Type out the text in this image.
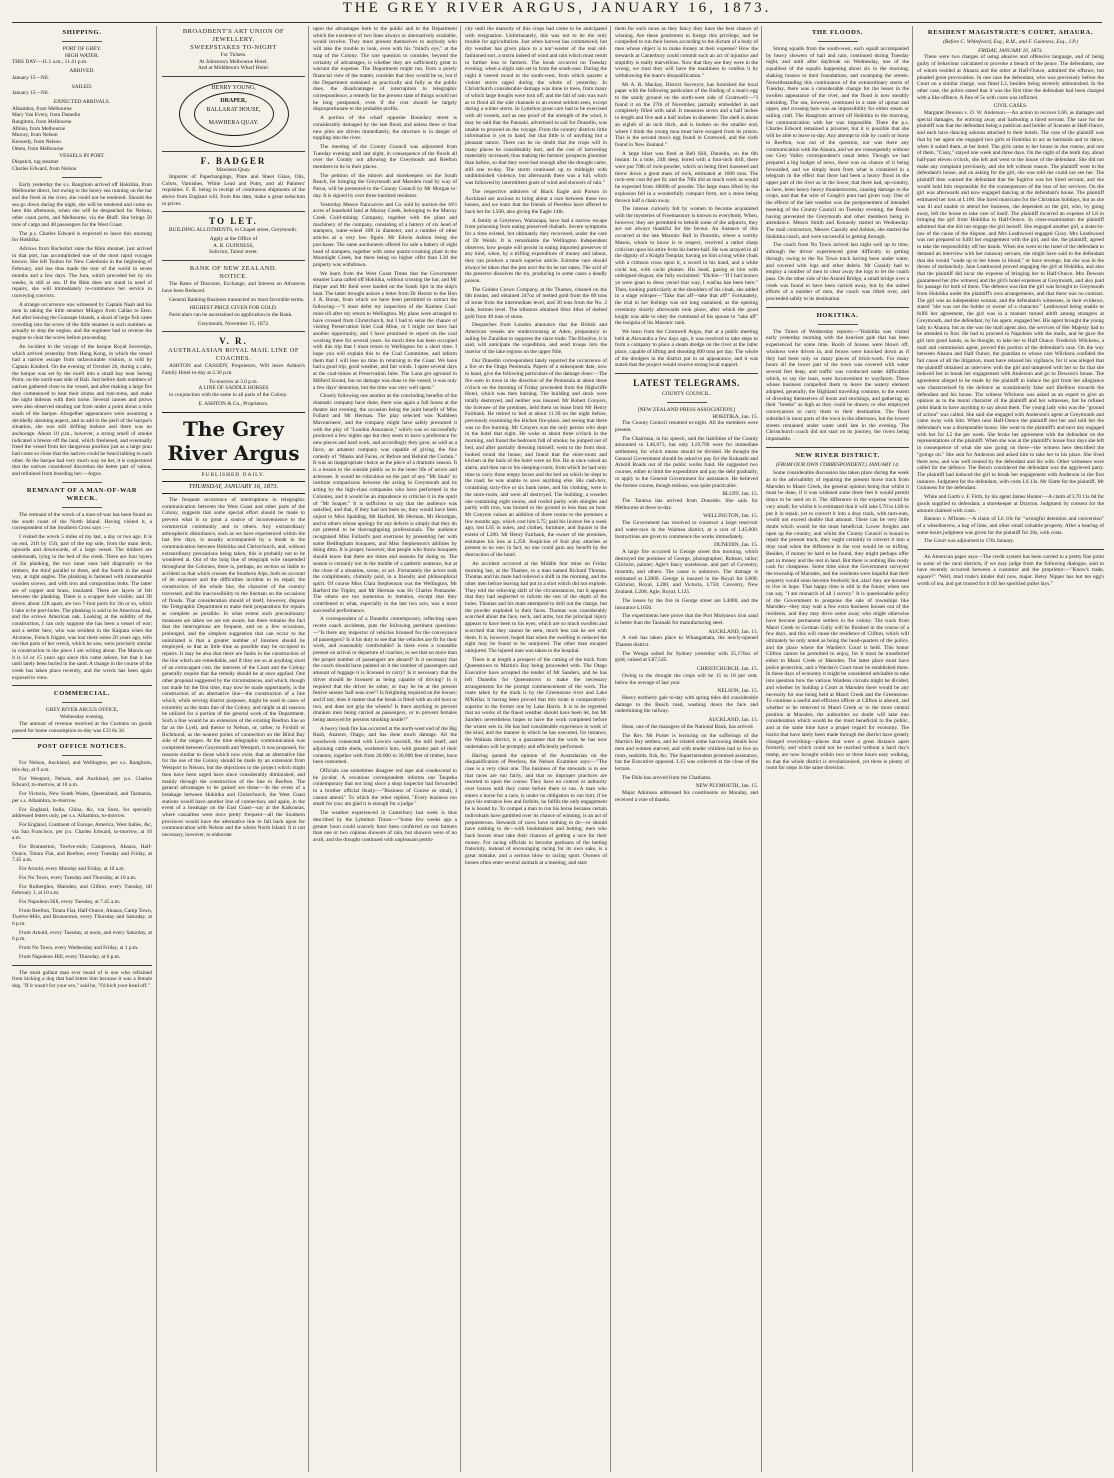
THE GREY RIVER ARGUS, JANUARY 16, 1873.
SHIPPING.
PORT OF GREY.
HIGH WATER.

THIS DAY—11.1 a.m.; 11.41 p.m.

ARRIVED.

January 15—Nil.

SAILED.

January 15—Nil.

EXPECTED ARRIVALS.
Alhambra, from Melbourne
Mary Van Every, from Dunedin
Rangitoto, from Melbourne
Albion, from Melbourne
Murray, from Nelson
Kennedy, from Nelson
Omeo, from Melbourne
VESSELS IN PORT.
Dispatch, tug steamer
Charles Edward, from Nelson

Early yesterday the s.s. Rangitoto arrived off Hokitika, from Melbourne direct, but owing to the heavy sea running on the bar and the fresh in the river, she could not be tendered. Should the sea go down during the night, she will be tendered and come on here this afternoon, when she will be despatched for Nelson, other coast ports, and Melbourne, via the Bluff. She brings 50 tons of cargo and 40 passengers for the West Coast.

The p.s. Charles Edward is expected to leave this morning for Hokitika.

Advices from Rochefort state the Rhin steamer, just arrived in that port, has accomplished one of the most rapid voyages known. She left Toulon for New Caledonia in the beginning of February, and has thus made the tour of the world in seven months and a few days. The Jura, which preceded her by six weeks, is still at sea. If the Rhin does not stand in need of repairs, she will immediately re-commence her service in conveying convicts.

A strange occurrence was witnessed by Captain Nash and his men in taking the little steamer Milagro from Callao to Eten. Just after leaving the Gunnape Islands, a shoal of large fish came crowding into the screw of the little steamer in such numbers as actually to stop the engine, and the engineer had to reverse the engine to clear the screw before proceeding.

An incident in the voyage of the barque Royal Sovereign, which arrived yesterday from Hong Kong, in which the vessel had a narrow escape from unfavourable visitors, is told by Captain Kindred. On the evening of October 26, during a calm, the barque was set by the swell into a small bay near Sereng Point, on the north-east side of Bali. Just before dark numbers of natives gathered close to the vessel, and after making a large fire they commenced to beat their drums and tom-toms, and make the night hideous with their noise. Several canoes and prows were also observed stealing out from under a point about a mile south of the barque. Altogether appearances were assuming a decidedly alarming aspect, and to add to the peril of the barque's situation, she was still drifting inshore and there was no anchorage. About 10 p.m., however, a strong smell of smoke indicated a breeze off the land, which freshened, and eventually freed the vessel from her dangerous position just as a large prau had come so close that the natives could be heard talking to each other. At the barque had very much way on her, it is conjectured that the natives considered discretion the better part of valour, and refrained from boarding her.—Argus.

REMNANT OF A MAN-OF-WAR WRECK.

The remnant of the wreck of a man-of-war has been found on the south coast of the North Island. Having visited it, a correspondent of the Southern Cross says :—

I visited the wreck 5 miles of my last, a day or two ago. It is on end, 21ft by 15ft, part of the top side, from the main deck, upwards and downwards, of a large vessel. The timbers are underneath, lying in the bed of the creek. There are four layers of 3in planking, the two inner ones laid diagonally to the timbers, the third parallel to them, and the fourth in the usual way, at right angles. The planking is fastened with innumerable wooden screws, and with iron and composition bolts. The latter are of copper and brass, insulated. There are layers of felt between the planking. There is a scupper hole visible; and 3ft above, about 12ft apart, are two 7-foot ports for 3in or so, which I take to be port-holes. The planking is said to be American deal, and the screws American oak. Looking at the solidity of the construction, I can only suppose she has been a vessel of war; and a settler here, who was resident in the Kaipara when the Alcmene, French frigate, was lost there some 20 years ago, tells me that parts of her wreck, which he saw, were precisely similar in construction to the piece I am writing about. The Maoris say it is 14 or 15 years ago since this came ashore, but that it has until lately been buried in the sand. A change in the course of the creek has taken place recently, and the wreck has been again exposed to view.

COMMERCIAL.
GREY RIVER ARGUS OFFICE,
Wednesday evening.

The amount of revenue received at the Customs on goods passed for home consumption to-day was £33 8s 3d.

POST OFFICE NOTICES.

For Nelson, Auckland, and Wellington, per s.s. Rangitoto, this day, at 9 a.m.

For Westport, Nelson, and Auckland, per p.s. Charles Edward, to-morrow, at 10 a.m.

For Victoria, New South Wales, Queensland, and Tasmania, per s.s. Alhambra, to-morrow.

For England, India, China, &c, via Suez, for specially addressed letters only, per s.s. Alhambra, to-morrow.

For England, Continent of Europe, America, West Indies, &c, via San Francisco, per p.s. Charles Edward, to-morrow, at 10 a.m.

For Brunnerton, Twelve-mile, Camptown, Ahaura, Half-Ounce, Totara Flat, and Reefton, every Tuesday and Friday, at 7.45 a.m.

For Arnold, every Monday and Friday, at 10 a.m.

For No Town, every Tuesday and Thursday, at 10 a.m.

For Rutherglen, Marsden, and Clifton, every Tuesday, till February 1, at 10 a.m.

For Napoleon Hill, every Tuesday, at 7.45 a.m.

From Reefton, Totara Flat, Half-Ounce, Ahaura, Camp Town, Twelve-Mile, and Brunnerton, every Thursday and Saturday, at 6 p.m.

From Arnold, every Tuesday, at noon, and every Saturday, at 6 p.m.

From No Town, every Wednesday and Friday, at 1 p.m.

From Napoleon Hill, every Thursday, at 6 p.m.

The most gallant man ever heard of is one who refrained from kicking a dog that had bitten him because it was a female dog. "If it wasn't for your sex," said he, "I'd kick your head off."

BROADBENT'S ART UNION OF JEWELLERY.
SWEEPSTAKES TO-NIGHT
For Tickets.
At Johnston's Melbourne Hotel.
And at Middleton's Wharf Hotel.
HENRY YOUNG,
DRAPER,
BALLARAT HOUSE,
MAWHERA QUAY.
F. BADGER
Mawhera Quay.

Importer of Paperhangings, Plate and Sheet Glass, Oils, Colors, Varnishes, White Lead and Putty, and all Painters' requisites. F. B. being in receipt of continuous shipments of the above from England will, from this date, make a great reduction in prices.

TO LET.

BUILDING ALLOTMENTS, in Chapel street, Greymouth.

Apply at the Office of
A. R. GUINNESS,
Solicitor, Tainui street.
BANK OF NEW ZEALAND.
NOTICE.

The Rates of Discount, Exchange, and Interest on Advances have been Reduced.

General Banking Business transacted on most favorable terms.

HIGHEST PRICE GIVEN FOR GOLD.

Particulars can be ascertained on application to the Bank.

Greymouth, November 15, 1872.
V. R.
AUSTRALASIAN ROYAL MAIL LINE OF COACHES.

ASHTON and CASSIDY, Proprietors, Will leave Ashton's Family Hotel to-day at 2.30 p.m.

To-morrow at 3.0 p.m.
A LINE OF SADDLE HORSES

in conjunction with the same to all parts of the Colony.

E. ASHTON & Co., Proprietors.
The Grey River Argus
PUBLISHED DAILY.
THURSDAY, JANUARY 16, 1873.

The frequent recurrence of interruptions in telegraphic communication between the West Coast and other parts of the Colony, suggests that some special effort should be made to prevent what is so great a source of inconvenience to the commercial community and to others. Any extraordinary atmospheric disturbance, such as we have experienced within the last few days, is usually accompanied by a break in the communication between Hokitika and Christchurch, and, without extraordinary precautions being taken, this is probably not to be wondered at. Out of the long line of telegraph wire suspended throughout the Colonies, there is, perhaps, no section so liable to accident as that which crosses the Southern Alps, both on account of its exposure and the difficulties incident to its repair, the construction of the whole line, the character of the country traversed, and the inaccessibility to the lineman on the occasions of floods. That consideration should of itself, however, dispose the Telegraphic Department to make their preparations for repairs as complete as possible. In what extent such precautionary measures are taken we are not aware, but there remains the fact that the interruptions are frequent, and on a few occasions, prolonged, and the simplest suggestion that can occur to the uninitiated is that a greater number of linemen should be employed, so that as little time as possible may be occupied in repairs. It may be also that there are faults in the construction of the line which are remediable, and if they are so at anything short of an extravagant cost, the interests of the Coast and the Colony generally require that the remedy should be at once applied. One other proposal suggested by the circumstances, and which, though not made for the first time, may now be made opportunely, is the construction of an alternative line—the construction of a line which, while serving district purposes, might be used in cases of extremity as the main line of the Colony, and might at all seasons be utilized for a portion of the general work of the Department. Such a line would be an extension of the existing Reefton line so far as the Lyell, and thence to Nelson, or, rather, to Foxhill or Richmond, as the nearest points of connection on the Blind Bay side of the ranges. At the time telegraphic communication was completed between Greymouth and Westport, it was proposed, for reasons similar to those which now exist, that an alternative line for the use of the Colony should be made by an extension from Westport to Nelson, but the objections to the project which might then have been urged have since considerably diminished, and mainly through the construction of the line to Reefton. The general advantages to be gained are these:—In the event of a breakage between Hokitika and Christchurch, the West Coast stations would have another line of connection; and again, in the event of a breakage on the East Coast—say at the Kaikouras, where casualties were once pretty frequent—all the Southern provinces would have the alternative line to fall back upon for communication with Nelson and the whole North Island. It is not necessary, however, to elaborate

upon the advantages both to the public and to the Department which the existence of two lines always or alternatively available, would involve. They must present themselves to anybody who will take the trouble to look, even with his "mind's eye," at the map of the Colony. The rare question to consider, beyond the certainty of advantages, is whether they are sufficiently great to warrant the expense. The Department might not, from a purely financial view of the matter, consider that they would be so, but if the Department sustained as practically and fully as the public does, the disadvantages of interruption to telegraphic correspondence, a remedy for the present state of things would not be long postponed, even if the cost should be largely disproportionate to the probable profits.

A portion of the wharf opposite Boundary street is considerably damaged by the late flood, and unless three or four new piles are driven immediately, the structure is in danger of toppling into the river.

The meeting of the County Council was adjourned from Tuesday evening until last night, in consequence of the floods all over the County not allowing the Greymouth and Reefton members to be in their places.

The petition of the miners and storekeepers on the South Beach, for bringing the Greymouth and Marsden road by way of Paroa, will be presented to the County Council by Mr Morgan to-day. It is signed by over three hundred residents.

Yesterday Messrs Nancarrow and Co. sold by auction the 16½ acres of leasehold land at Murray Creek, belonging to the Murray Creek Gold-mining Company, together with the plant and machinery of the company, consisting of a battery of six head of stampers, water-wheel 30ft in diameter, and a number of other articles at a very low figure. Mr Edwin Ashton being the purchaser. The same auctioneers offered for sale a battery of eight head of stampers, together with some quartz-crushing plant in the Moonlight Creek, but there being no higher offer than L30 the property was withdrawn.

We learn from the West Coast Times that the Government steamer Luna called off Hokitika, without crossing the bar, and Mr Harper and Mr Reid were landed on the South Spit in the ship's boat. The latter brought ashore a letter from Dr Hector to the Hon J. A. Bonar, from which we have been permitted to extract the following:—"I must defer my inspection of the Kaniere Coal-mine till after my return to Wellington. My plans were arranged to have crossed from Christchurch, but I had to seize the chance of visiting Preservation Inlet Coal Mine, or I might not have had another opportunity, and I have promised to report on the coal working there for several years. So much time has been occupied with this trip that I must return to Wellington for a short time. I hope you will explain this to the Coal Committee, and inform them that I will lose no time in returning to the Coast. We have had a good trip, good weather, and fair winds. I spent several days at the coal-mines at Preservation Inlet. The Luna got aground in Milford Sound, but no damage was done to the vessel; it was only a few days' detention, but the time was very well spent."

Closely following one another as the concluding benefits of the dramatic company have done, there was again a full house at the theatre last evening, the occasion being the joint benefit of Miss Fullard and Mr Herman. The play selected was 'Kathleen Mavourneen', and the company might have safely presumed it with the play of "London Assurance," which was so successfully produced a few nights ago but they seem to have a preference for new pieces and hard work, and accordingly they gave, as well as a farce, an amateur company was capable of giving, the fine comedy of "Masks and Faces, or Before and Behind the Curtain." It was an inappropriate choice as the piece of a dramatic season. It is a lesson to the outside public as to the inner life of actors and actresses. It would be ridiculous on the part of any "Mr Snail" to institute comparisons between the acting in Greymouth and its acting by the high-class companies who have performed in the Colonies, and it would be an impudence to criticise it in the spirit of "Mr Soaper." It is sufficient to say that the audience was satisfied, and that, if they had not been so, they would have been unjust to Miss Spalding, Mr Barford, Mr Herman, Mr Hourigan, and to others whose apology for any defects is simply that they do not pretend to be thoroughgoing professionals. The audience recognised Miss Fullard's past exertions by presenting her with some Bedlingham bouquets, and Miss Stephenson's abilities by doing ditto. It is proper, however, that people who throw bouquets should know that there are times and seasons for doing so. The season is certainly not in the middle of a pathetic sentence, but at the close of a situation, scene, or act. Fortunately the actors took the compliments, clumsily paid, in a friendly and philosophical spirit. Of course Miss Clara Stephenson was the Wellington, Mr Barford the Triplet, and Mr Herman was Sir Charles Pomander. The others are too numerous to mention, except that they contributed to what, especially in the last two acts, was a most successful performance.

A correspondent of a Dunedin contemporary, reflecting upon recent coach accidents, puts the following pertinent questions:—"Is there any inspector of vehicles licensed for the conveyance of passengers? Is it his duty to see that the vehicles are fit for their work, and reasonably comfortable? Is there even a constable present on arrival or departure of coaches, to see that no more than the proper number of passengers are aboard? Is it necessary that the coach should have painted on it the number of passengers and amount of luggage it is licensed to carry? Is it necessary that the driver should be licensed as being capable of driving? Is it required that the driver be sober, or may he be at the present festive season 'half seas over'? Is freighting required on the horses; and if not, does it matter that the break is fitted with an old boot or two, and does not grip the wheels? Is there anything to prevent drunken men being carried as passengers, or to prevent females being annoyed by persons smoking inside?"

A heavy bush fire has occurred at the north-west end of the Big Rush, Akatore, Otago, and has done much damage. All the woodwork connected with Lewis's sawmill, the mill itself, and adjoining cattle sheds, workmen's huts, with greater part of their contents, together with from 20,000 to 30,000 feet of timber, have been consumed.

Officials can sometimes disagree red tape and condescend to be jocular. A vexatious correspondent informs our Taupeka contemporary that not long since a shop inspector had forwarded to a brother official thusly:—"Business of Course so small, I cannot attend." To which the other replied, "Every business too small for you; am glad it is enough for a judge."

The weather experienced in Canterbury last week is thus described by the Lyttelton Times:—"Some few weeks ago a greater boon could scarcely have been conferred on our farmers than one or two copious showers of rain, but showers were of no avail, and the drought continued with unpleasant pertin-

city until the maturity of this crops had come to be anticipated with resignation. Unfortunately, this was not to be the only trouble for agriculturists. Just when harvest has commenced, hot dry weather has given place to a nor'-wester of the real old-fashioned sort, a storm indeed of wind and rain which must result in further loss to farmers. The break occurred on Tuesday evening, when a slight rain set in from the south-east. During the night it veered round to the south-west, from which quarter a violent storm raged during the whole of yesterday. In Christchurch considerable damage was done to trees, from many of which large boughs were torn off, and the fall of rain was such as to flood all the side channels to an extent seldom seen, except during a winter storm. In Lyttelton great care had to be exercised with all vessels, and as one proof of the strength of the wind, it may be said that the Panoaki, advertised to sail for Dunedin, was unable to proceed on the voyage. From the country districts little information is yet to hand, but that little is of anything but a pleasant nature. There can be no doubt that the crops will in many places be considerably hurt, and the cost of harvesting materially increased, thus making the farmers' prospects gloomier than before, so that they were bad enough after the drought came, still one to-day. The storm continued up to midnight with undiminished violence, but afterwards there was a lull, which was followed by intermittent gusts of wind and showers of rain."

The respective admirers of Black Eagle and Parson in Auckland are anxious to bring about a race between these two horses, and we learn that the friends of Peerless have offered to back her for L500, also giving the Eagle 14lb.

A family at Greytown, Wairarapa, have had a narrow escape from poisoning from eating preserved rhubarb. Severe symptoms for a time existed, but ultimately they recovered, under the care of Dr Welsh. It is remarkable the Wellington Independent observes, how people will persist in eating imported preserves of any kind, when, by a trifling expenditure of money and labour, they can produce a much superior article. Extreme care should always be taken that the pan next the tin be not eaten. The acid of the preserve dissolves the tin, producing in some cases a deadly poison.

The Golden Crown Company, at the Thames, cleaned on the 6th instant, and obtained 247oz of melted gold from the 60 tons of stone from the intermediate level, and 30 tons from the No. 2 lode, bottom level. The tributors obtained 60oz 4dwt of melted gold from 40 tons of stone.

Despatches from London announce that the British and American vessels are rendezvousing at Aden, preparatory to sailing for Zanzibar to suppress the slave trade. The Khedive, it is said, will anticipate the expedition, and send troops into the interior of the lake regions on the upper Nile.

Our Dunedin correspondent lately reported the occurrence of a fire on the Otago Peninsula. Papers of a subsequent date, now to hand, give the following particulars of the damage done:—The fire seen in town in the direction of the Peninsula at about three o'clock on the morning of Friday proceeded from the Highcliffe Hotel, which was then burning. The building and stock were totally destroyed, and neither was insured. Mr Robert Conyers, the licensee of the premises, held them on lease from Mr Henry Fairbank. He retired to bed at about 11.30 on the night before, previously examining the kitchen fire-place, and seeing that there was no fire burning. Mr Conyers was the only person who slept in the hotel that night. He woke at about three o'clock in the morning, and found the bedroom full of smoke; he jumped out of bed, and after partially dressing himself, went to the front door, looked round the house, and found that the store-room and kitchen at the back of the hotel were on fire. He at once raised an alarm, and then ran to his sleeping-room, from which he had only time to carry three empty boxes and the bed on which he slept to the road; he was unable to save anything else. His cash-box, containing sixty-five or six bank notes, and his clothing, were in the store-room, and were all destroyed. The building, a wooden one containing eight rooms, and roofed partly with shingles and partly with iron, was burned to the ground in less than an hour. Mr Conyers values an addition of three rooms to the premises a few months ago, which cost him L75; paid his licence fee a week ago; lost L65 in notes, and clothes, furniture, and liquors to the extent of L200. Mr Henry Fairbank, the owner of the premises, estimates his loss at L250. Suspicion of foul play attaches at present to no one; in fact, no one could gain any benefit by the destruction of the hotel.

An accident occurred at the Middle Star mine on Friday morning last, at the Thames, to a man named Richard Thomas. Thomas and his mate had relieved a shift in the morning, and the other men before leaving had put in a shot which did not explode. They told the relieving shift of the circumstances, but it appears that they had neglected to inform the rest of the depth of the holes. Thomas and his mate attempted to drill out the charge, but the powder exploded in their faces. Thomas was considerably scorched about the face, neck, and arms, but the principal injury appears to have been to his eyes, which are so much swollen and scorched that they cannot be seen, much less can he see with them. It is, however, hoped that when the swelling is reduced the sight may be found to be uninjured. The other man escaped uninjured. The injured man was taken to the hospital.

There is at length a prospect of the cutting of the track from Queenstown to Martin's Bay being proceeded with. The Otago Executive have accepted the tender of Mr Sanders, and he has left Dunedin for Queenstown to make the necessary arrangements for the prompt commencement of the work. The route taken by the track is by the Greenstone river and Lake M'Kellar, it having been proved that this route is comparatively superior to the former one by Lake Harris. It is to be regretted that no works of the finest weather should have been let, but Mr Sanders nevertheless hopes to have the work completed before the winter sets in. He has had considerable experience in work of the kind, and the manner in which he has executed, for instance, the Waikaia district, is a guarantee that the work he has now undertaken will be promptly and efficiently performed.

Having quoted the opinion of the Australasian on the disqualification of Peerless, the Nelson Examiner says:—"The case is a very clear one. The business of the stewards is to see that races are run fairly, and that no improper practices are resorted to upon the course. They have no control or authority over horses until they come before them to run. A man who enters a horse for a race, is under no obligation to run him; if he pays his entrance fees and forfeits, he fulfils the only engagement he is bound by. To compel a man to run his horse because certain individuals have gambled over its chance of winning, is an act of preposterous. Stewards of races have nothing to do—or should have nothing to do—with bookmakers and betting; men who back horses must take their chances of getting a race for their money. For racing officials to become partisans of the betting fraternity, instead of encouraging racing for its own sake, is a great mistake, and a serious blow to racing sport. Owners of horses often enter several animals at a meeting, and start

them for such races as they fancy they have the best chance of winning. Are these gentlemen to forego this privilege, and be compelled to run their horses according to the dictum of a body of men whose object is to make money at their expense? How the stewards at Canterbury could commit such an act of injustice and stupidity is really marvellous. Now that they see they were in the wrong, we trust they will have the manliness to confess it by withdrawing the mare's disqualification."

Mr A. R. Mackay, District Surveyor, has furnished the local paper with the following particulars of the finding of a man's egg to the sandy ground on the north-west side of Cromwell:—"I found it on the 27th of November, partially embedded in and completely filled with sand. It measures seven and a half inches in length and five and a half inches in diameter. The shell is about an eighth of an inch thick, and is broken on the smaller end, where I think the young moa must have escaped from its prison. This is the second moa's egg found in Cromwell, and the sixth found in New Zealand."

A large blast was fired at Bell Hill, Dunedin, on the 6th instant. In a hole, 24ft deep, bored with a four-inch drill, there were put 70lb of rock-powder, which on being fired loosened and threw down a great mass of rock, estimated at 1600 tons. The rock-rent cost 8d per lb; and the 70lb did as much work as would be expected from 1000lb of powder. The large mass lifted by the explosion fell in a wonderfully compact form, not a stone being thrown half a chain away.

The intense curiosity felt by women to become acquainted with the mysteries of Freemasonry is known to everybody. When, however, they are permitted to behold some of the adjuncts, they are not always thankful for the favour. An instance of this occurred at the late Masonic Ball in Dunedin, where a worthy Mason, whom to know is to respect, received a rather sharp criticism upon his attire from his better-half. He was arrayed in all the dignity of a Knight Templar, having on him a long white cloak with a crimson cross upon it, a sword in his hand, and a white cockt hat, with cockt plumes. His head, gazing at him with unfeigned disgust, she fully exclaimed: "Dickie—"If I had known ye were goan to dress yersel that way, I wad'na hae been here." Then, looking particularly at the shoulders of his cloak, she added in a stage whisper—"Take that aff—take that aff!" Fortunately, the trial to her feelings was not long sustained, as the opening ceremony shortly afterwards took place, after which the good knight was able to obey the command of his spouse to "take aff" the insignia of his Masonic rank.

We learn from the Cromwell Argus, that at a public meeting held at Alexandra a few days ago, it was resolved to take steps to form a company to place a steam dredge on the river at the latter place, capable of lifting and shooting 600 tons per day. The whole of the dredgers in the district put in an appearance, and it was stated that the project would receive strong local support.

LATEST TELEGRAMS.
COUNTY COUNCIL.
[NEW ZEALAND PRESS ASSOCIATION.]
HOKITIKA, Jan. 15.

The County Council resumed to-night. All the members were present.

The Chairman, in his speech, said the liabilities of the County amounted to L46,073, but only L19,790 were for immediate settlement, for which means should be divided. He thought the General Government should be asked to pay for the Kokatahi and Arnold Roads out of the public works fund. He suggested two courses, either to limit the expenditure and pay the debt gradually, or apply to the General Government for assistance. He believed the former course, though tedious, was quite practicable.

BLUFF, Jan. 15.

The Tararua has arrived from Dunedin. She sails for Melbourne at three to-day.

WELLINGTON, Jan. 15.

The Government has resolved to construct a large reservoir and water-race in the Waimea district, at a cost of L45,000. Instructions are given to commence the works immediately.

DUNEDIN, Jan. 15.

A large fire occurred in George street this morning, which destroyed the premises of George, photographer; Robson, tailor; Gilchrist, painter; Agle's fancy warehouse, and part of Coventry, tinsmith, and others. The cause is unknown. The damage is estimated at L2000. George is insured in the Royal for L600; Gilchrist, Royal, L200, and Victoria, L750; Coventry, New Zealand, L200; Agle, Royal, L125.

The losses by the fire in George street are L4000, and the insurance L1650.

The experiments here prove that the Port Molyneux iron sand is better than the Taranaki for manufacturing steel.

AUCKLAND, Jan. 15.

A rush has taken place to Whangamata, the newly-opened Thames district.

The Wonga sailed for Sydney yesterday with 25,176oz of gold, valued at L87,545.

CHRISTCHURCH, Jan. 15.

Owing to the drought the crops will be 15 to 18 per cent. below the average of last year.

NELSON, Jan. 15.

Heavy northerly gale to-day with spring tides did considerable damage to the Beach road, washing down the face and undermining the railway.

AUCKLAND, Jan. 15.

Hean, one of the managers of the National Bank, has arrived.

The Rev. Mr Porter is lecturing on the sufferings of the Martin's Bay settlers, and he related some harrowing details how men and women starved, and with tender children had to live on roots, seabirds, fish, &c. The Superintendent promised assistance, but the Executive opposed. L15 was collected at the close of the lecture.

The Dido has arrived from the Chathams.

NEW PLYMOUTH, Jan. 15.

Major Atkinson addressed his constituents on Monday, and received a vote of thanks.

THE FLOODS.

Strong squalls from the south-west, each squall accompanied by heavy showers of hail and rain, continued during Tuesday night, and until after daybreak on Wednesday, one of the squalliest of the squalls happening about six in the morning, shaking houses to their foundations, and swamping the streets. Notwithstanding this continuance of the extraordinary storm of Tuesday, there was a considerable change for the lesser in the swollen appearance of the river, and the flood is now steadily subsiding. The sea, however, continued in a state of uproar and upper, and crossing bars was an impossibility for either steam or sailing craft. The Rangitoto arrived off Hokitika in the morning, but communication with her was impossible. There the p.s. Charles Edward remained a prisoner, but it is possible that she will be able to leave to-day. Any attempt to ride by coach or horse to Reefton, was out of the question, nor was there any communication with the Ahaura, and we are consequently without our Grey Valley correspondent's usual letter. Though we had prepared a big budget of news, there was no chance of it being forwarded, and we simply learn from what is contained in a telegram in the effect that there had been a heavy flood in the upper part of the river as in the lower, that there had, up-country, as here, been heavy heavy thunderstorms, causing damage to the crops, and that the wire of Gough's punt had given way. One of the effects of the late weather was the postponement of intended meeting of the County Council on Tuesday evening, the floods having prevented the Greymouth and other members being in attendance. Messrs Smith and Kennedy started on Wednesday. The mail contractors, Messrs Cassidy and Ashton, she started the Hokitika coach, and were successful in getting through.

The coach from No Town arrived last night well up to time, although the driver experienced great difficulty in getting through, owing to the No Town track having been under water, and covered with logs and other debris. Mr Cassidy had to employ a number of men to clear away the logs to let the coach pass. On the other side of the Arnold Bridge, a small bridge over a creek was found to have been carried away, but by the united efforts of a number of men, the coach was lifted over, and proceeded safely to its destination.

HOKITIKA.

The Times of Wednesday reports:—"Hokitika was visited early yesterday morning with the heaviest gale that has been experienced for some time. Roofs of houses were blown off, windows were driven in, and fences were knocked down as if they had been only so many pieces of brick-work. For many hours all the lower part of the town was covered with water several feet deep, and traffic was conducted under difficulties which, to say the least, were inconvenient to wayfarers. These whose business compelled them to leave the watery element adopted, generally, the Highland travelling costume, to the extent of divesting themselves of boots and stockings, and gathering up their "breeks" as high as they could be drawn; or else employed conveyances to carry them to their destination. The flood subsided in most parts of the town in the afternoon, but the lowest streets remained under water until late in the evening. The Christchurch coach did not start on its journey, the rivers being impassable.

NEW RIVER DISTRICT.
(FROM OUR OWN CORRESPONDENT.) JANUARY 14.

Some considerable discussion has taken place during the week as to the advisability of repairing the present horse track from Marsden to Maori Creek, the general opinion being that whilst it must be done, if it was widened some three feet it would permit drays to be used on it. The difference in the expense would be very small; for whilst it is estimated that it will take L70 to L80 to put it in repair, yet to convert it into a dray track, with turn-outs, would not exceed double that amount. There can be very little doubt which would be the most beneficial. Lower freights and open up the country, and whilst the County Council is bound to repair the present track, they ought certainly to convert it into a dray road when the difference in the cost would be so trifling. Besides, if money be hard to be found, they might perhaps offer part in money and the rest in land. But there is nothing like ready cash for cheapness. Some time since the Government surveyed the township of Marsden, and the residents were hopeful that their property would soon become freehold; but, alas! they are doomed to live in hope. That happy time is still in the future; when one can say, "I am monarch of all I survey." It is questionable policy of the Government to postpone the sale of townships like Marsden—they may wait a few extra business houses out of the residents, and they may drive some away who might otherwise have become permanent settlers in the colony. The track from Maori Creek to German Gully will be finished in the course of a few days, and this will cause the residence of Clifton, which will ultimately be only noted as being the head-quarters of the police, and the place where the Warden's Court is held. This honor Clifton cannot be permitted to enjoy, for it must be transferred either to Maori Creek or Marsden. The latter place must have police protection, and a Warden's Court must be established there. In these days of economy it might be considered advisable to take into question how the various Wardens circuits might be divided, and whether by holding a Court at Marsden there would be any necessity for one being held at Maori Creek and the Greenstone. To continue a useful and efficient officer at Clifton is absurd, and whether or be removed to Maori Creek or to the more central position at Marsden, the authorities no doubt will take into consideration which would be the most beneficial to the public, and at the same time have a proper regard for economy. The tracks that have lately been made through the district have greatly changed everything—places that were a great distance apart formerly, and which could not be reached without a hard day's tramp, are now brought within two or three hours easy walking, so that the whole district is revolutionised, yet there is plenty of room for steps in the same direction.

RESIDENT MAGISTRATE'S COURT, AHAURA.
(Before C. Whitefoord, Esq., R.M., and F. Guinness, Esq., J.P.)
FRIDAY, JANUARY 10, 1873.

There were two charges of using abusive and offensive language, and of being guilty of behaviour calculated to provoke a breach of the peace. The defendants, one of whom resided at Ahaura and the other at Half-Ounce, admitted the offence, but pleaded great provocation. In one case the defendant, who was previously before the Court on a similar charge, was fined L3, besides being severely admonished. In the other case, the police stated that it was the first time the defendant had been charged with a like offence. A fine of 5s with costs was inflicted.

CIVIL CASES.

Margaret Dewson v. O. W. Anderson.—An action to recover L60, as damages and special damages, for enticing away and harboring a hired servant. The case for the plaintiff was that the defendant being a publican and holder of licenses at Half-Ounce, and each have dancing saloons attached to their hotels. The case of the plaintiff was that by her agent she engaged two girls at Hokitika to act as barmaids and to dance, when it suited them, at her hotel. The girls came to her house in due course, and one of them, "Cissy," stayed one week and three days. On the night of the tenth day, about half-past eleven o'clock, she left and went to the house of the defendant. She did not make any complaint previously, and she left without reason. The plaintiff went to the defendant's house, and on asking for the girl, she was told she could not see her. The plaintiff then warned the defendant that the fugitive was her hired servant, and she would hold him responsible for the consequences of the loss of her services. On the girl was afterwards and now engaged dancing at the defendant's house. The plaintiff estimated her loss at L100. She hired musicians for the Christmas holidays, but as she was ill and unable to attend her business, she depended on the girl, who, by going away, left the house to take care of itself. The plaintiff incurred an expense of L8 in bringing the girl from Hokitika to Half-Ounce. In cross-examination the plaintiff admitted that she did not engage the girl herself. She engaged another girl, a sister-in-law of the cause of the dispute, and Mrs Leathwood engaged Cissy. Mrs Leathwood was not prepared to fulfil her engagement with the girl, and she, the plaintiff, agreed to take the responsibility off her hands. When she went to the hotel of the defendant to demand an interview with her runaway servant, she might have said to the defendant that she would "wade up to her knees in blood," or have revenge, but she was in the throes of melancholy. Jane Leathwood proved engaging the girl at Hokitika, and also that the plaintiff did incur the expense of bringing her to Half-Ounce. Mrs Dewson guaranteed her (the witness) and the girl's hotel expenses at Greymouth, and also paid for passage for both of them. The defence was that the girl was brought to Greymouth from Hokitika under the plaintiff's own arrangements, and that there was no contract. The girl was an independent woman, and the defendant's witnesses, in their evidence, stated "she was not the holder or owner of a character." Leathwood being unable to fulfil her agreement, the girl was in a manner turned adrift among strangers at Greymouth, and the defendant, by his agent, engaged her. His agent brought the young lady to Ahaura, but as she was the mail agent also, the services of Her Majesty had to be attended to first. He had to proceed to Napoleon with the mails, and he gave the girl into good hands, as he thought, to take her to Half Ounce. Frederick Wilckens, a mail and commission agent, proved this portion of the defendant's case. On the way between Ahaura and Half Ounce, the guardian to whose care Wilckens confided the fair cause of all the litigation, must have relaxed his vigilance, for it was alleged that the plaintiff obtained an interview with the girl and tampered with her so far that she induced her to break her engagement with Anderson and go to Dewson's house. The agreement alleged to be made by the plaintiff to induce the girl from her allegiance was characterised by the defence as scandalously false and libellous towards the defendant and his house. The witness Wilckens was asked as an expert to give an opinion as to the moral character of the plaintiff and her witnesses, but he refused point blank to have anything to say about them. The young lady who was the "ground of action" was called. She said she engaged with Anderson's agent at Greymouth and came away with him. When near Half-Ounce the plaintiff met her and told her the defendant's was a disreputable house. She went to the plaintiff's and next day engaged with her for L5 the per week. She broke her agreement with the defendant on the representations of the plaintiff. When she was at the plaintiff's house four days she left in consequence of what she saw going on there—the witness here described the "goings on." She sent for Anderson and asked him to take her to his place. She lived there now, and was well treated by the defendant and his wife. Other witnesses were called for the defence. The Bench considered the defendant was the aggrieved party. The plaintiff had induced the girl to break her engagement with Anderson in the first instance. Judgment for the defendant, with costs L6 13s. Mr Slatte for the plaintiff, Mr Guinness for the defendant.

White and Garth v. F. Firth, by his agent James Hunter.—A claim of L70 11s 6d for goods supplied to defendant, a storekeeper at Drayton. Judgment by consent for the amount claimed with costs.

Bannon v. M'Innes.—A claim of L6 10s for "wrongful detention and conversion" of a wheelbarrow, a bag of lime, and other small valuable property. After a hearing of some hours judgment was given for the plaintiff for 20s, with costs.

The Court was adjourned to 17th January.

An American paper says—The credit system has been carried to a pretty fine point in some of the rural districts, if we may judge from the following dialogue, said to have recently occurred between a customer and the proprietor:—"Know's trade, square?" "Well, mud trade's kinder dull now, major. Betsy Nipper has but ten egg's worth of tea, and got trusted for it till her speckled pullet lays."
